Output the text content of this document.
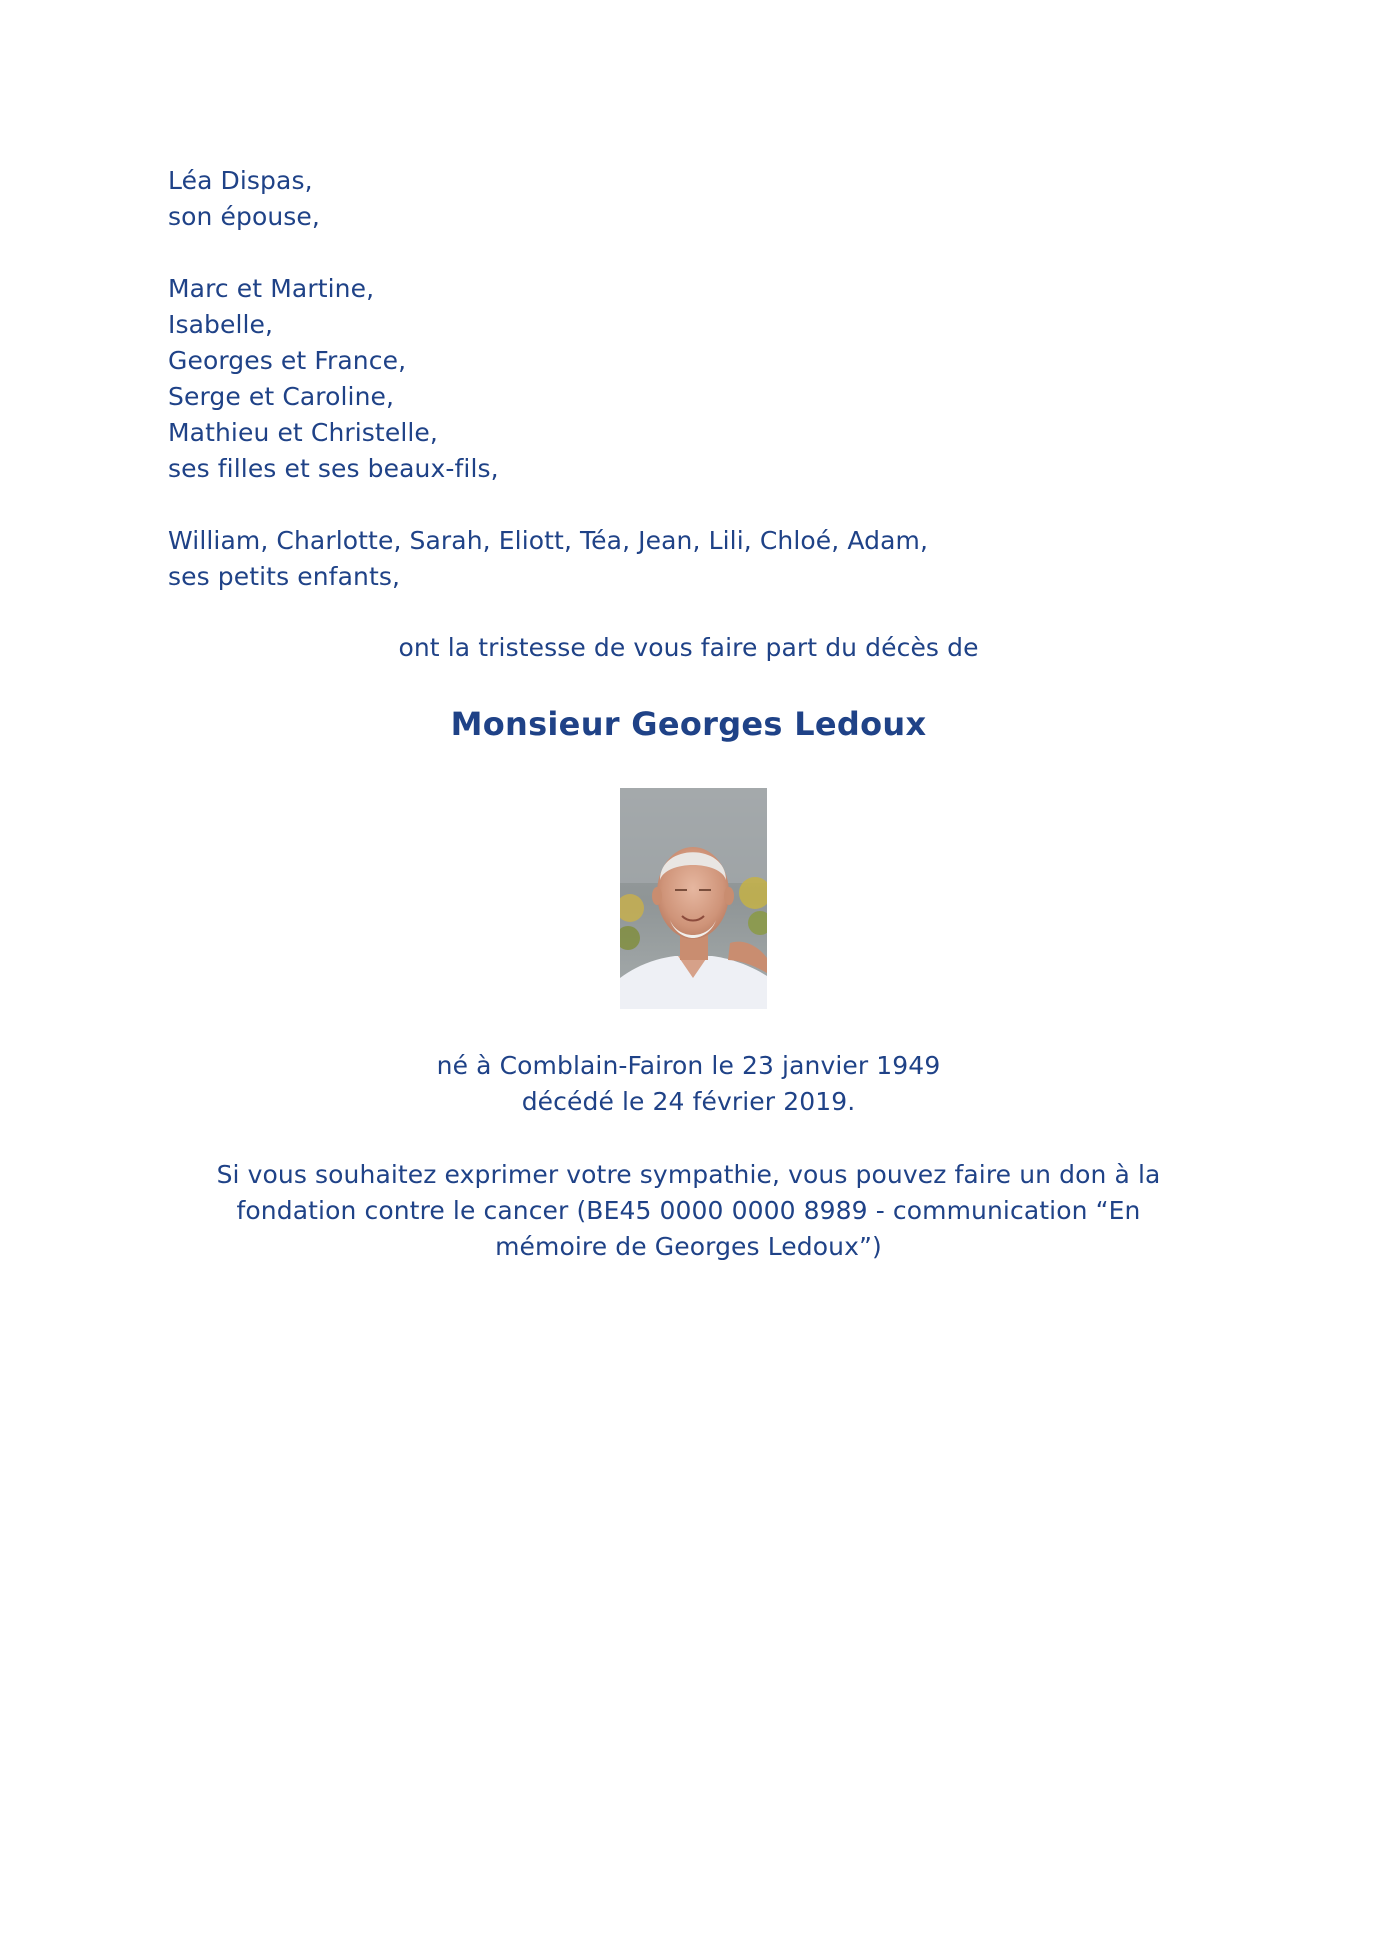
Léa Dispas,
son épouse,
Marc et Martine,
Isabelle,
Georges et France,
Serge et Caroline,
Mathieu et Christelle,
ses filles et ses beaux-fils,
William, Charlotte, Sarah, Eliott, Téa, Jean, Lili, Chloé, Adam,
ses petits enfants,
ont la tristesse de vous faire part du décès de
Monsieur Georges Ledoux
né à Comblain-Fairon le 23 janvier 1949
décédé le 24 février 2019.
Si vous souhaitez exprimer votre sympathie, vous pouvez faire un don à la
fondation contre le cancer (BE45 0000 0000 8989 - communication “En
mémoire de Georges Ledoux”)
